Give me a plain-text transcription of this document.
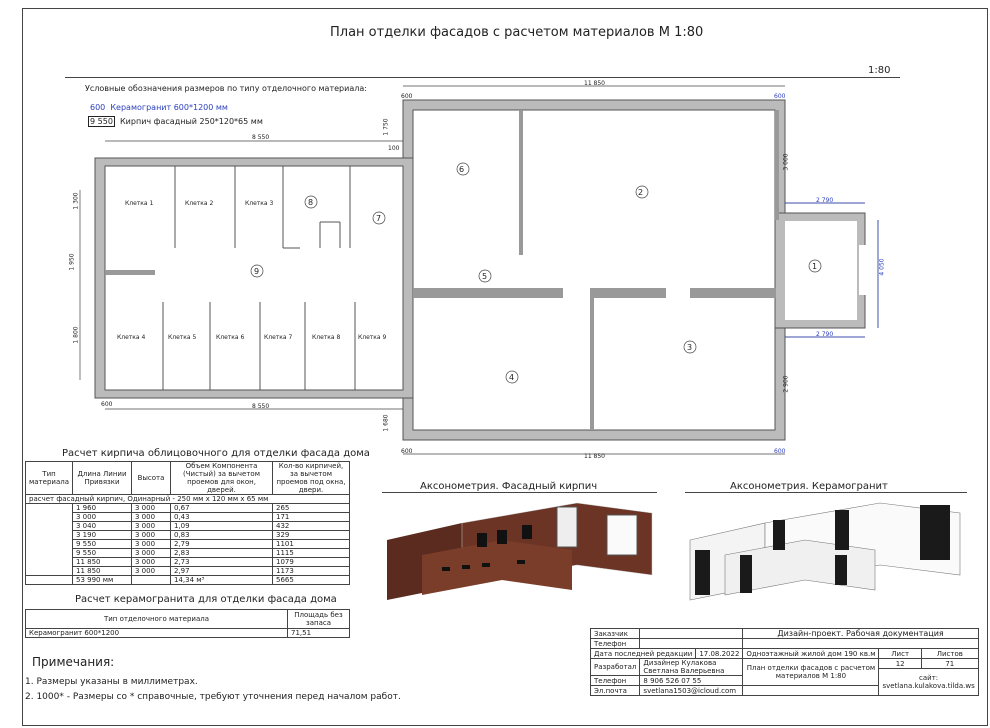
План отделки фасадов с расчетом материалов М 1:80
1:80
Условные обозначения размеров по типу отделочного материала:
600 Керамогранит 600*1200 мм
9 550 Кирпич фасадный 250*120*65 мм
6
2
1
3
4
5
7
8
9
Клетка 1	Клетка 2	Клетка 3
Клетка 4	Клетка 5	Клетка 6	Клетка 7	Клетка 8	Клетка 9
11 850
11 850
8 550
8 550
2 790
2 790
4 050
600	600
1 750
1 680
1 950
3 000
2 900
600
600	600
100
1 300
1 800
Расчет кирпича облицовочного для отделки фасада дома
Тип материала	Длина Линии Привязки	Высота	Объем Компонента (Чистый) за вычетом проемов для окон, дверей.	Кол-во кирпичей, за вычетом проемов под окна, двери.
расчет фасадный кирпич, Одинарный - 250 мм x 120 мм x 65 мм				
	1 960	3 000	0,67	265
	3 000	3 000	0,43	171
	3 040	3 000	1,09	432
	3 190	3 000	0,83	329
	9 550	3 000	2,79	1101
	9 550	3 000	2,83	1115
	11 850	3 000	2,73	1079
	11 850	3 000	2,97	1173
	53 990 мм		14,34 м³	5665
Расчет керамогранита для отделки фасада дома
Тип отделочного материала	Площадь без запаса
Керамогранит 600*1200	71,51
Примечания:
1. Размеры указаны в миллиметрах.
2. 1000* - Размеры со * справочные, требуют уточнения перед началом работ.
Аксонометрия. Фасадный кирпич	Аксонометрия. Керамогранит
Заказчик			Дизайн-проект. Рабочая документация		
Телефон					
Дата последней редакции		17.08.2022	Одноэтажный жилой дом 190 кв.м	Лист	Листов
Разработал	Дизайнер Кулакова Светлана Валерьевна		План отделки фасадов с расчетом материалов М 1:80	12	71
				сайт: svetlana.kulakova.tilda.ws	
Телефон	8 906 526 07 55				
Эл.почта	svetlana1503@icloud.com				
